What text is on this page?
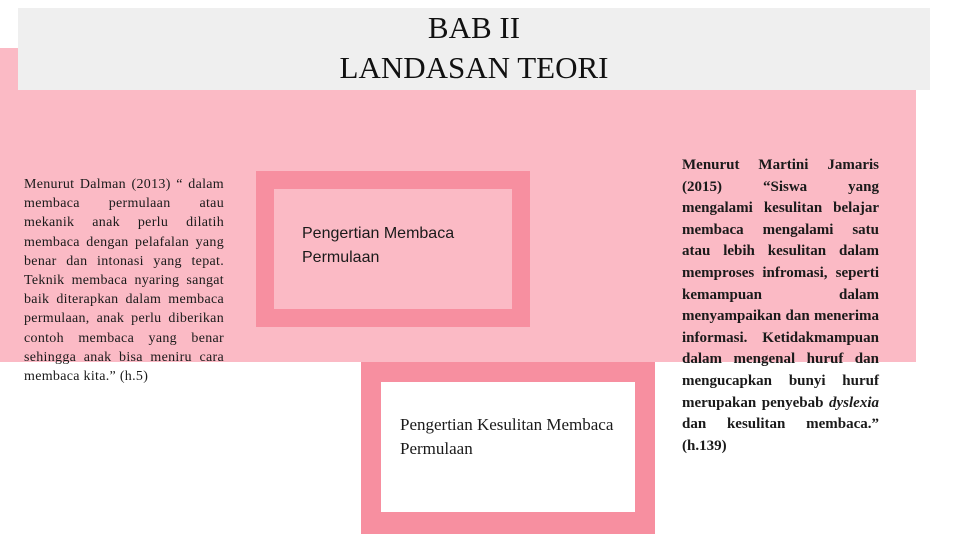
BAB II
LANDASAN TEORI
Menurut Dalman (2013) “ dalam membaca permulaan atau mekanik anak perlu dilatih membaca dengan pelafalan yang benar dan intonasi yang tepat. Teknik membaca nyaring sangat baik diterapkan dalam membaca permulaan, anak perlu diberikan contoh membaca yang benar sehingga anak bisa meniru cara membaca kita.” (h.5)
Pengertian Membaca Permulaan
Pengertian Kesulitan Membaca Permulaan
Menurut Martini Jamaris (2015) “Siswa yang mengalami kesulitan belajar membaca mengalami satu atau lebih kesulitan dalam memproses infromasi, seperti kemampuan dalam menyampaikan dan menerima informasi. Ketidakmampuan dalam mengenal huruf dan mengucapkan bunyi huruf merupakan penyebab dyslexia dan kesulitan membaca.” (h.139)
